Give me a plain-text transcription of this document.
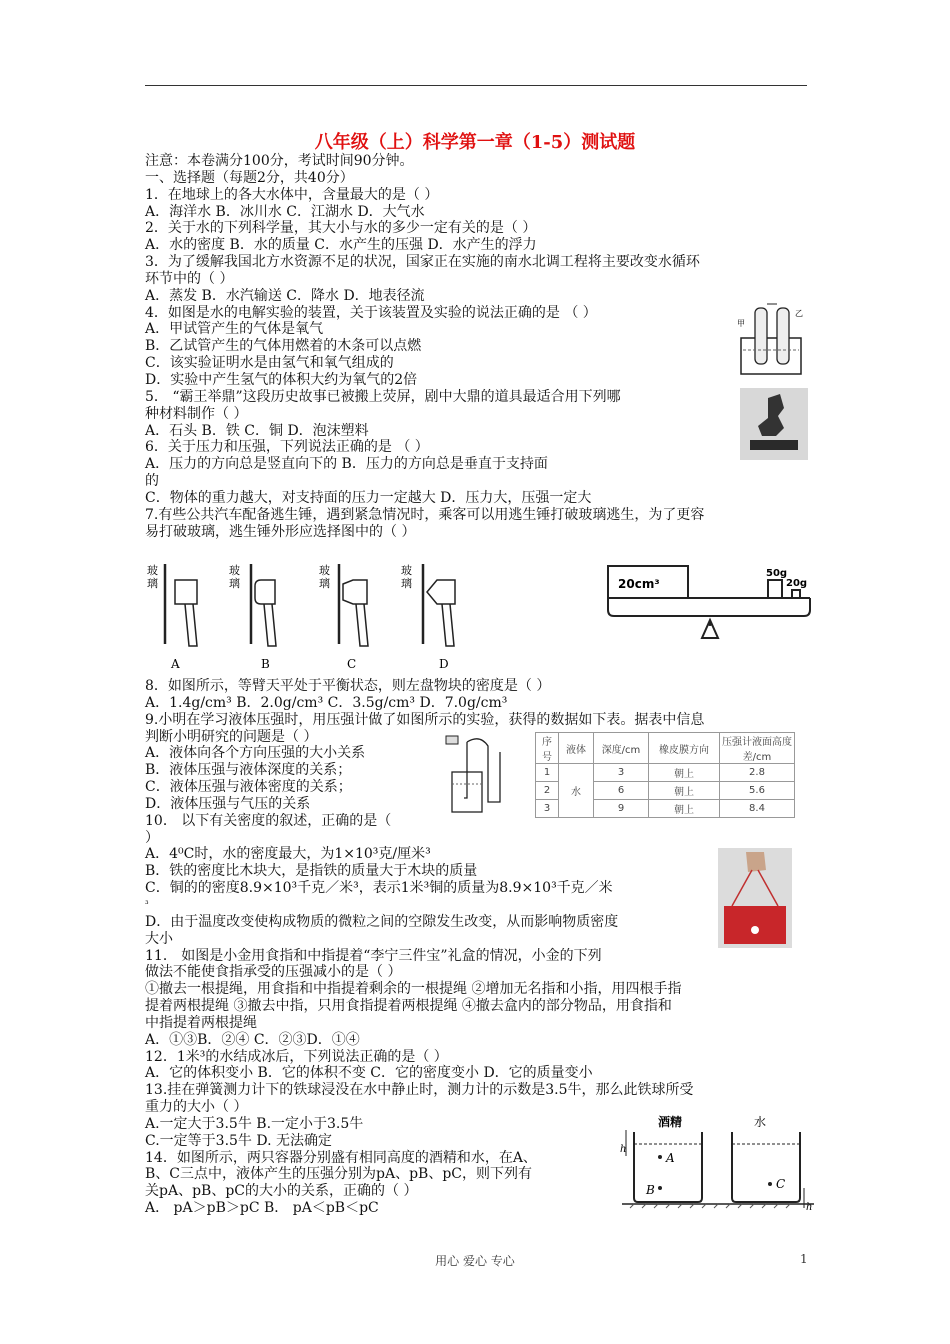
八年级（上）科学第一章（1-5）测试题
注意：本卷满分100分，考试时间90分钟。
一、选择题（每题2分，共40分）
1．在地球上的各大水体中，含量最大的是（ ）
A．海洋水 B．冰川水 C．江湖水 D．大气水
2．关于水的下列科学量，其大小与水的多少一定有关的是（ ）
A．水的密度 B．水的质量 C．水产生的压强 D．水产生的浮力
3．为了缓解我国北方水资源不足的状况，国家正在实施的南水北调工程将主要改变水循环
环节中的（ ）
A．蒸发 B．水汽输送 C．降水 D．地表径流
4．如图是水的电解实验的装置，关于该装置及实验的说法正确的是 （ ）
A．甲试管产生的气体是氧气
B．乙试管产生的气体用燃着的木条可以点燃
C．该实验证明水是由氢气和氧气组成的
D．实验中产生氢气的体积大约为氧气的2倍
5． “霸王举鼎”这段历史故事已被搬上荧屏，剧中大鼎的道具最适合用下列哪
种材料制作（ ）
A．石头 B．铁 C．铜 D．泡沫塑料
6．关于压力和压强，下列说法正确的是 （ ）
A．压力的方向总是竖直向下的 B．压力的方向总是垂直于支持面
的
C．物体的重力越大，对支持面的压力一定越大 D．压力大，压强一定大
7.有些公共汽车配备逃生锤，遇到紧急情况时，乘客可以用逃生锤打破玻璃逃生，为了更容
易打破玻璃，逃生锤外形应选择图中的（ ）
甲
乙
玻
璃
A
玻
璃
B
玻
璃
C
玻
璃
D
20cm³
50g
20g
8．如图所示，等臂天平处于平衡状态，则左盘物块的密度是（ ）
A．1.4g/cm³ B．2.0g/cm³ C．3.5g/cm³ D．7.0g/cm³
9.小明在学习液体压强时，用压强计做了如图所示的实验，获得的数据如下表。据表中信息
判断小明研究的问题是（ ）
A．液体向各个方向压强的大小关系
B．液体压强与液体深度的关系；
C．液体压强与液体密度的关系；
D．液体压强与气压的关系
10． 以下有关密度的叙述，正确的是（
）
A．4⁰C时，水的密度最大，为1×10³克/厘米³
B．铁的密度比木块大，是指铁的质量大于木块的质量
C．铜的的密度8.9×10³千克／米³，表示1米³铜的质量为8.9×10³千克／米
³
D．由于温度改变使构成物质的微粒之间的空隙发生改变，从而影响物质密度
大小
11． 如图是小金用食指和中指提着“李宁三件宝”礼盒的情况，小金的下列
做法不能使食指承受的压强减小的是（ ）
①撤去一根提绳，用食指和中指提着剩余的一根提绳 ②增加无名指和小指，用四根手指
提着两根提绳 ③撤去中指，只用食指提着两根提绳 ④撤去盒内的部分物品，用食指和
中指提着两根提绳
A．①③B．②④ C．②③D．①④
12．1米³的水结成冰后，下列说法正确的是（ ）
A．它的体积变小 B．它的体积不变 C．它的密度变小 D．它的质量变小
13.挂在弹簧测力计下的铁球浸没在水中静止时，测力计的示数是3.5牛，那么此铁球所受
重力的大小（ ）
A.一定大于3.5牛 B.一定小于3.5牛
C.一定等于3.5牛 D. 无法确定
14．如图所示，两只容器分别盛有相同高度的酒精和水，在A、
B、C三点中，液体产生的压强分别为pA、pB、pC，则下列有
关pA、pB、pC的大小的关系，正确的（ ）
A． pA＞pB＞pC B． pA＜pB＜pC
序号	液体	深度/cm	橡皮膜方向	压强计液面高度差/cm
1	水	3	朝上	2.8
2		6	朝上	5.6
3		9	朝上	8.4
酒精	水
A
B	C
h
h
用心 爱心 专心	1
